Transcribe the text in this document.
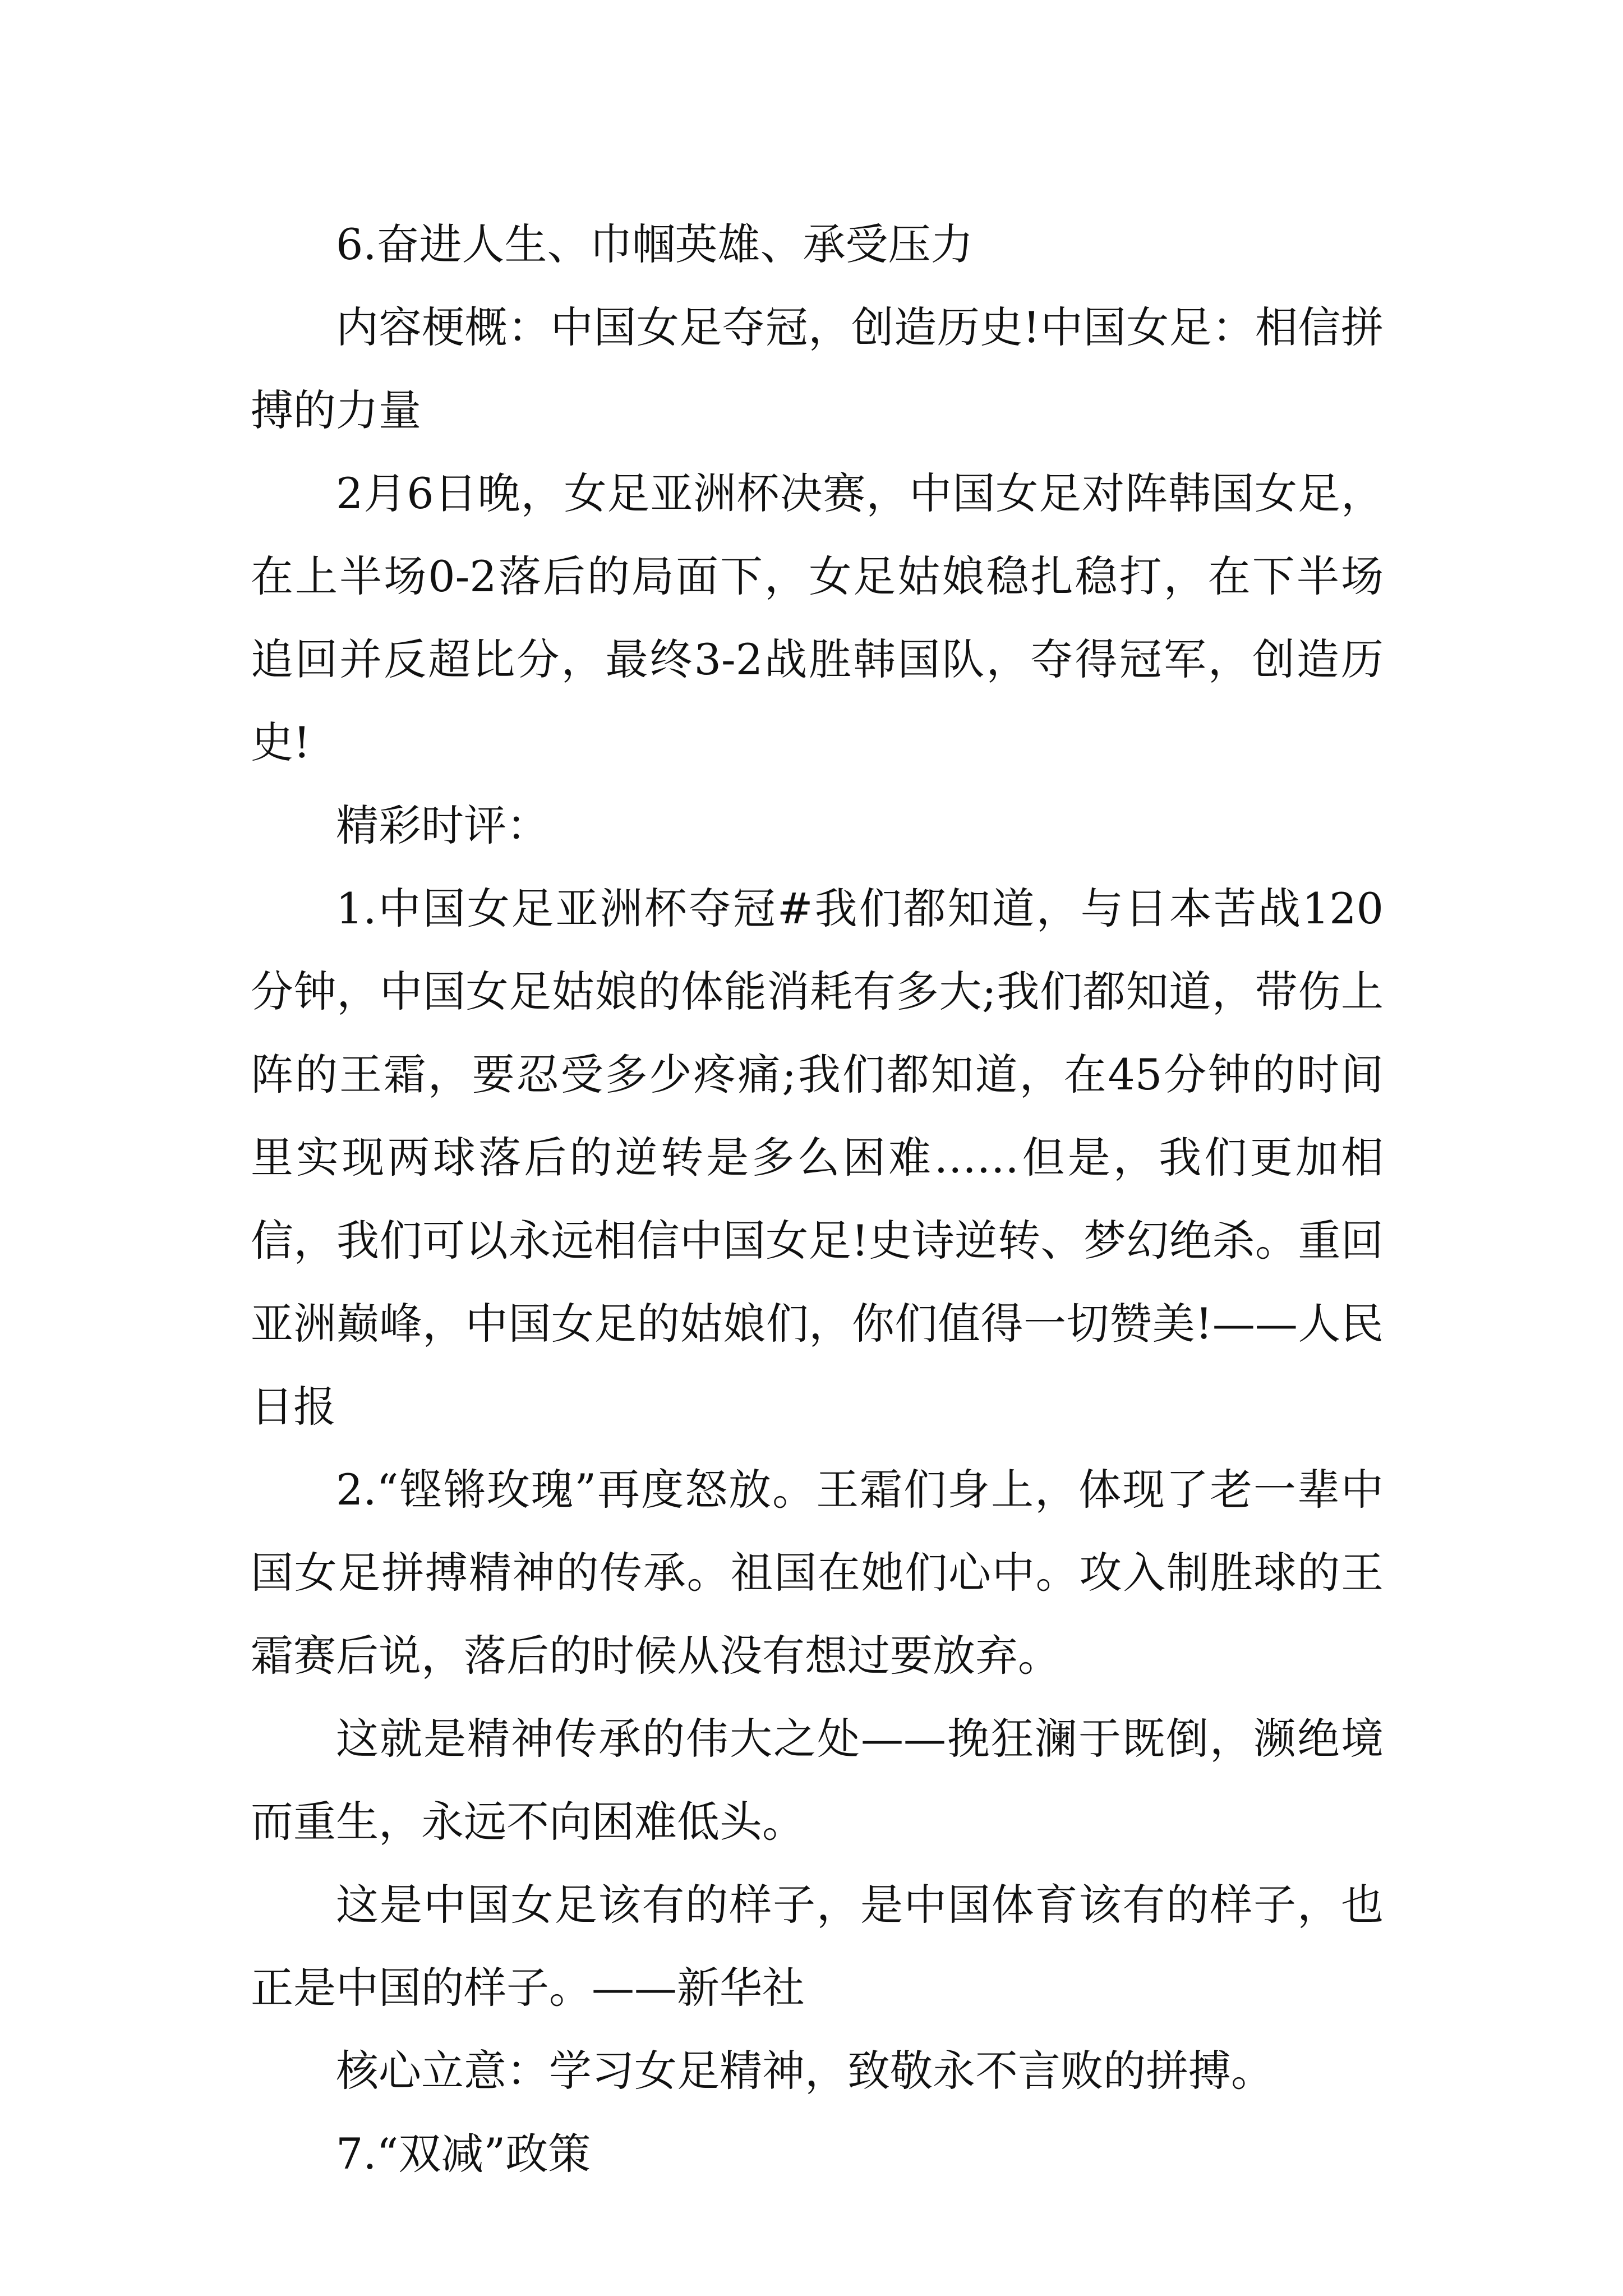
6.奋进人生、巾帼英雄、承受压力

内容梗概：中国女足夺冠，创造历史!中国女足：相信拼搏的力量

2月6日晚，女足亚洲杯决赛，中国女足对阵韩国女足，在上半场0-2落后的局面下，女足姑娘稳扎稳打，在下半场追回并反超比分，最终3-2战胜韩国队，夺得冠军，创造历史!

精彩时评：

1.中国女足亚洲杯夺冠#我们都知道，与日本苦战120分钟，中国女足姑娘的体能消耗有多大;我们都知道，带伤上阵的王霜，要忍受多少疼痛;我们都知道，在45分钟的时间里实现两球落后的逆转是多么困难……但是，我们更加相信，我们可以永远相信中国女足!史诗逆转、梦幻绝杀。重回亚洲巅峰，中国女足的姑娘们，你们值得一切赞美!——人民日报

2.“铿锵玫瑰”再度怒放。王霜们身上，体现了老一辈中国女足拼搏精神的传承。祖国在她们心中。攻入制胜球的王霜赛后说，落后的时候从没有想过要放弃。

这就是精神传承的伟大之处——挽狂澜于既倒，濒绝境而重生，永远不向困难低头。

这是中国女足该有的样子，是中国体育该有的样子，也正是中国的样子。——新华社

核心立意：学习女足精神，致敬永不言败的拼搏。

7.“双减”政策
